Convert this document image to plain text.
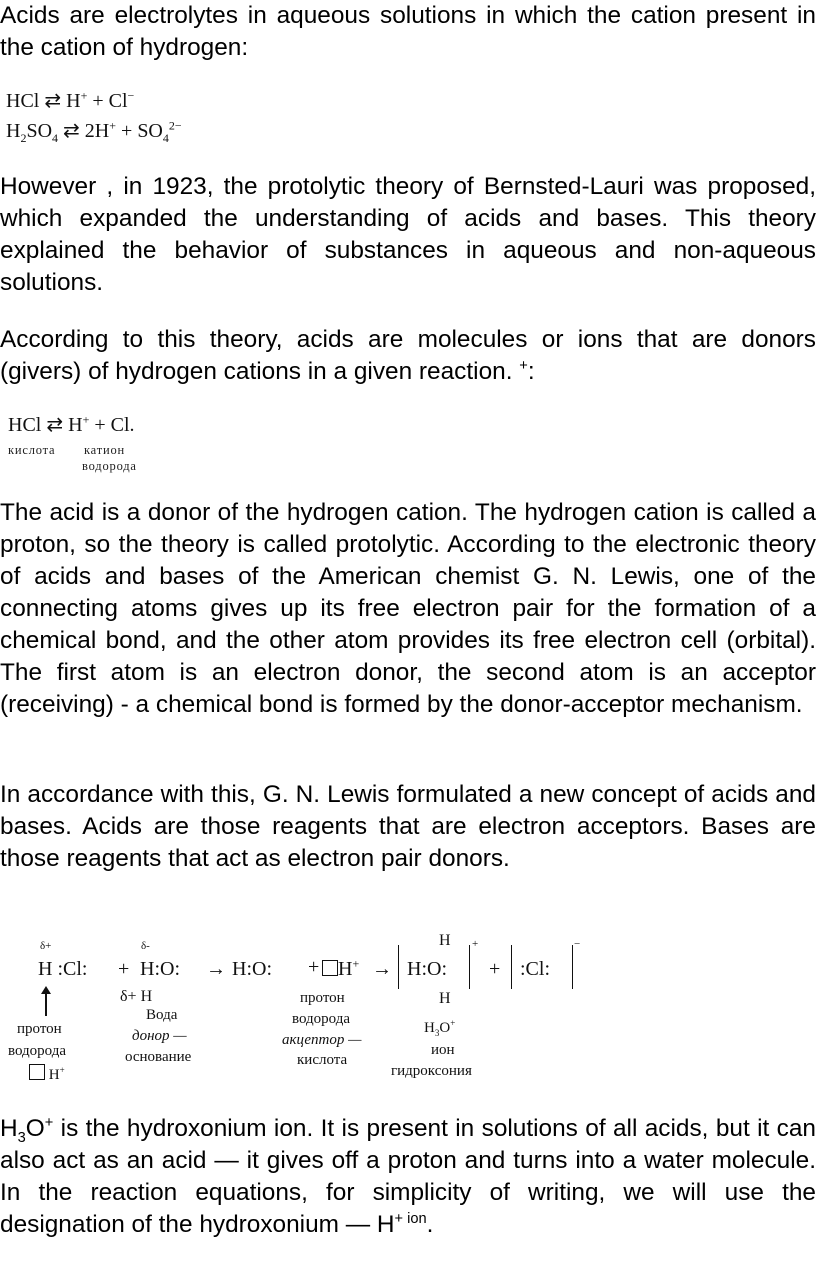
Acids are electrolytes in aqueous solutions in which the cation present in the cation of hydrogen:

HCl ⇄ H+ + Cl−
$H_2SO_4$ ⇄ $2H^+ + SO_4^{2-}$

However , in 1923, the protolytic theory of Bernsted-Lauri was proposed, which expanded the understanding of acids and bases. This theory explained the behavior of substances in aqueous and non-aqueous solutions.

According to this theory, acids are molecules or ions that are donors (givers) of hydrogen cations in a given reaction. +:

HCl ⇄ H+ + Cl.
кислота катион
водорода

The acid is a donor of the hydrogen cation. The hydrogen cation is called a proton, so the theory is called protolytic. According to the electronic theory of acids and bases of the American chemist G. N. Lewis, one of the connecting atoms gives up its free electron pair for the formation of a chemical bond, and the other atom provides its free electron cell (orbital). The first atom is an electron donor, the second atom is an acceptor (receiving) - a chemical bond is formed by the donor-acceptor mechanism.

In accordance with this, G. N. Lewis formulated a new concept of acids and bases. Acids are those reagents that are electron acceptors. Bases are those reagents that act as electron pair donors.

δ+	δ-
H :Cl: + H:O: → H:O: + H+ → H:O:
+
+ :Cl:
−
H
H
δ+ H
протон
водорода
H+
Вода
донор —
основание
протон
водорода
акцептор —
кислота
$H_3O^+$
ион
гидроксония

$H_3O^+$ is the hydroxonium ion. It is present in solutions of all acids, but it can also act as an acid — it gives off a proton and turns into a water molecule. In the reaction equations, for simplicity of writing, we will use the designation of the hydroxonium — $H^{+ ion}$.
